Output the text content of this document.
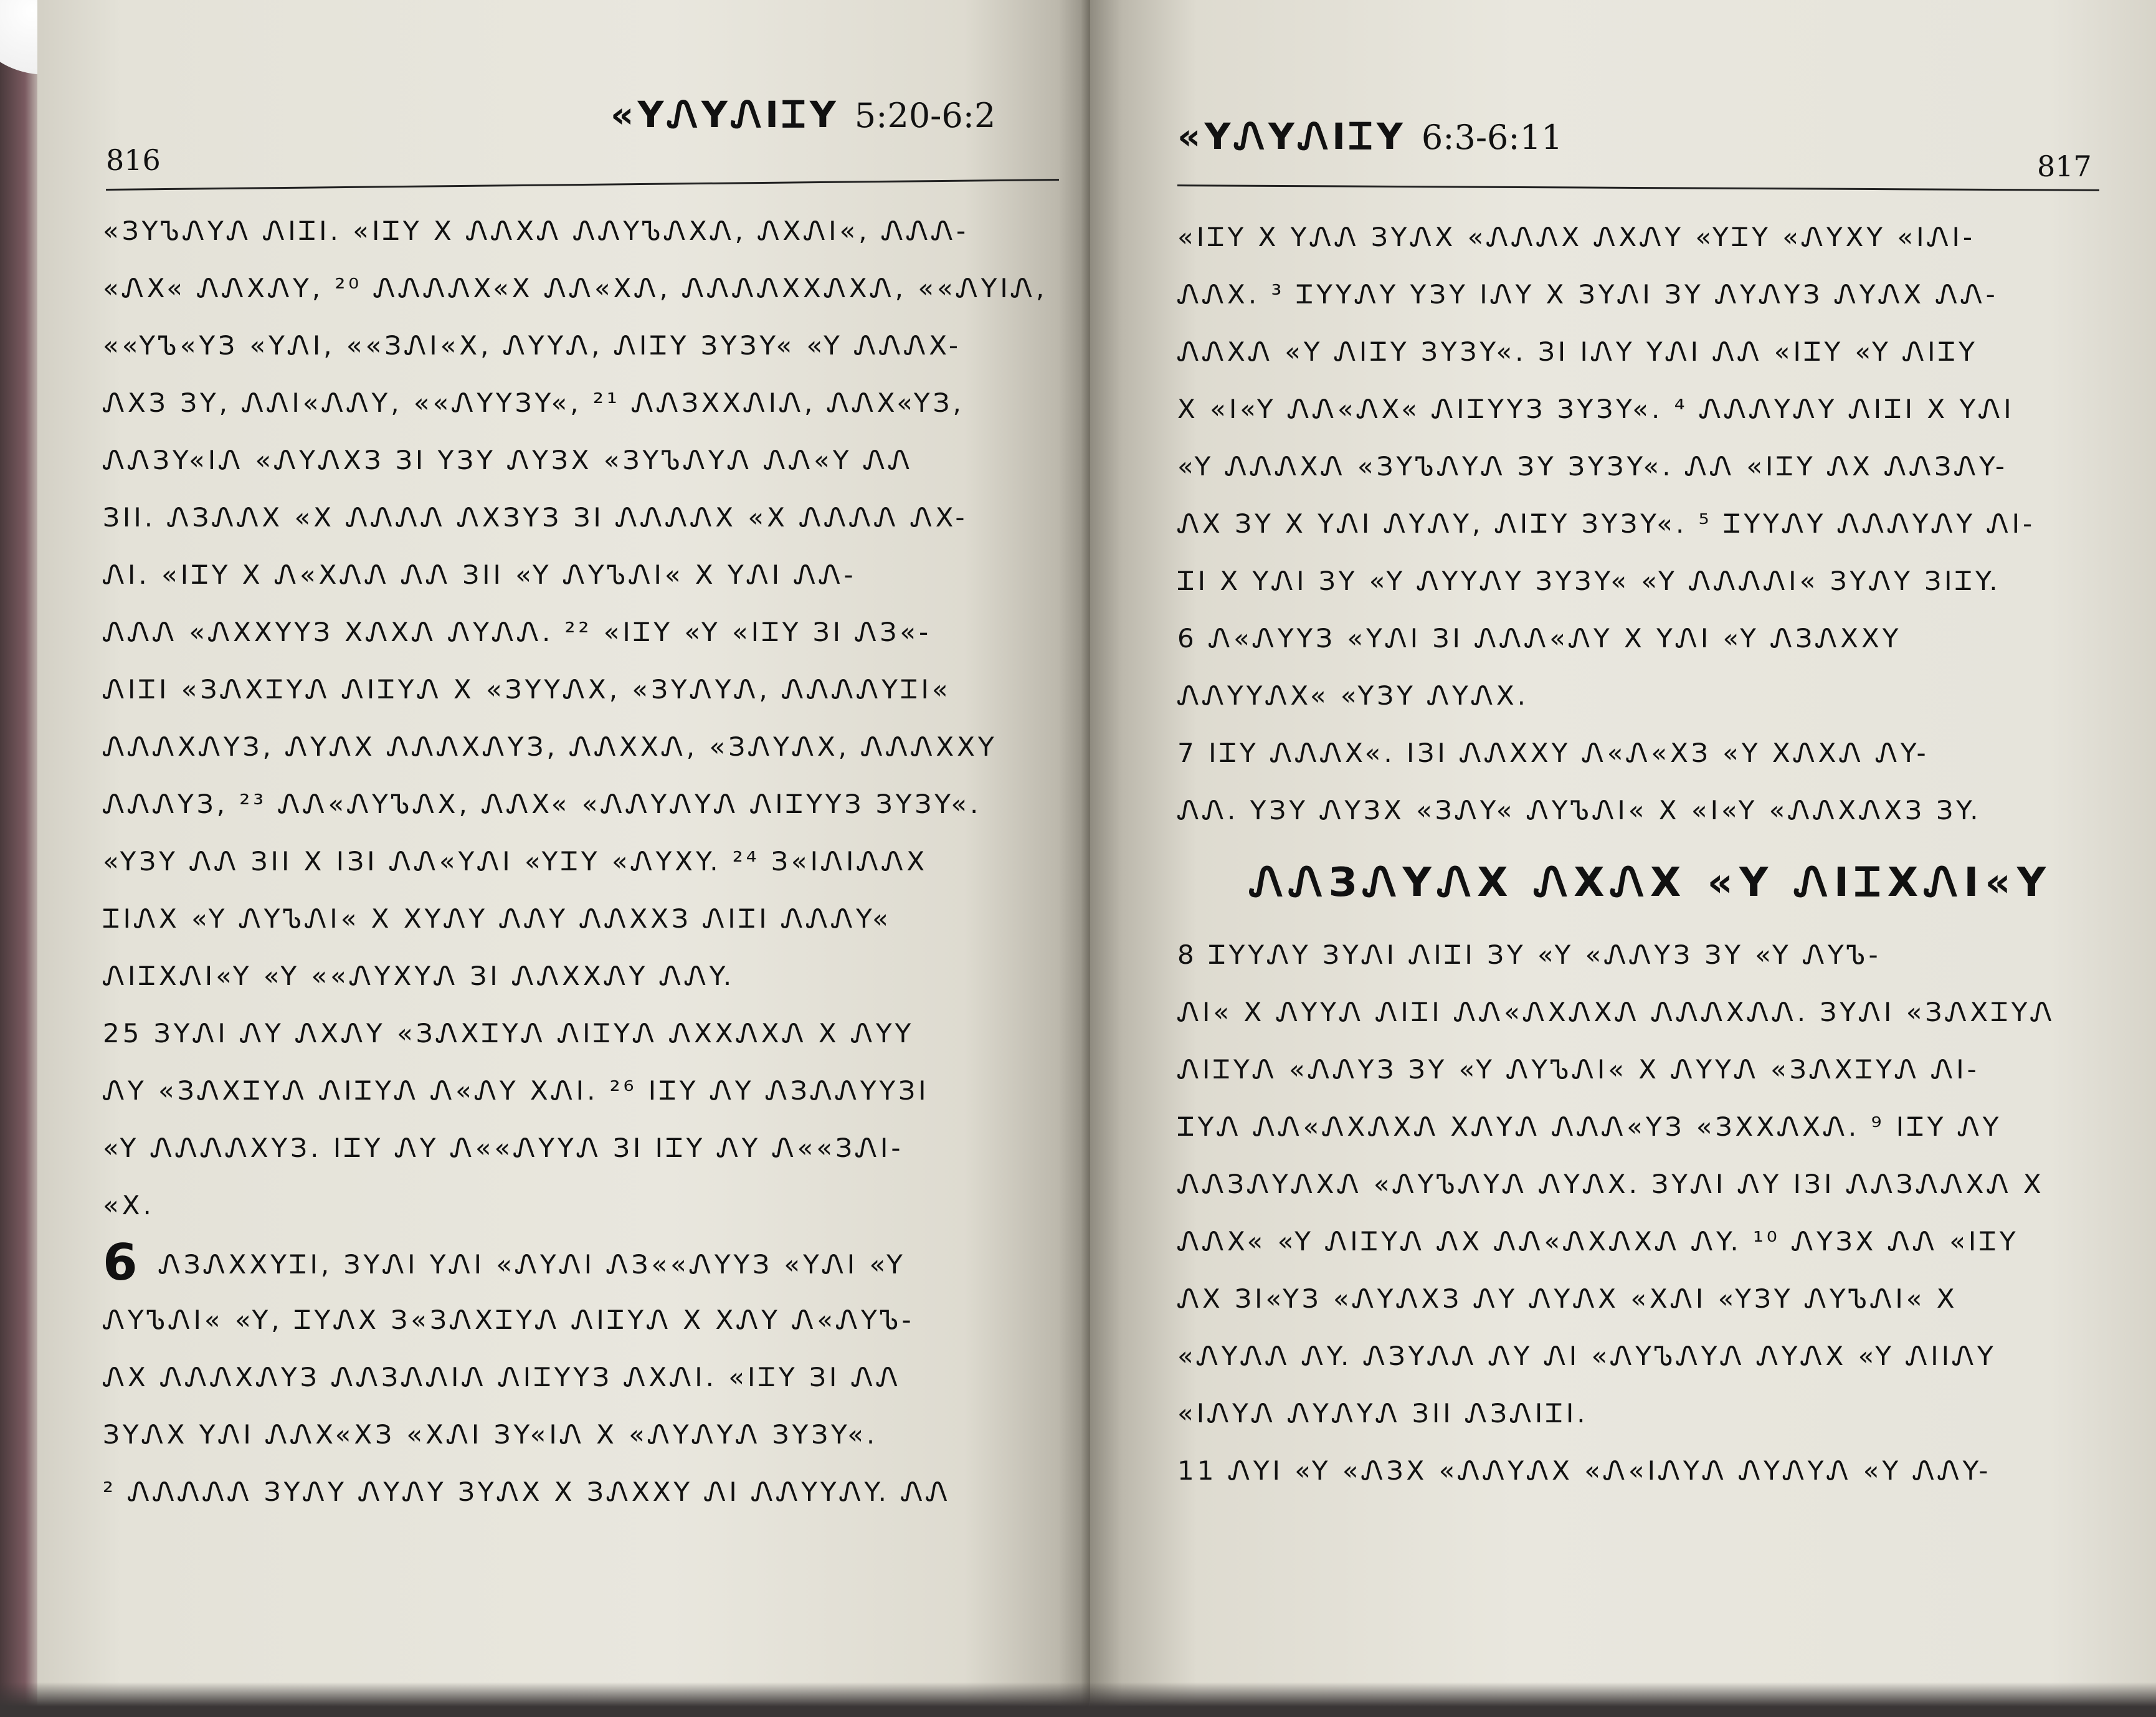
«YᏁYᏁIᏆY 5:20-6:2
816
«ЗYᏖᏁYᏁ ᏁIᏆI. «IᏆY X ᏁᏁXᏁ ᏁᏁYᏖᏁXᏁ, ᏁXᏁI«, ᏁᏁᏁ-
«ᏁX« ᏁᏁXᏁY, ²⁰ ᏁᏁᏁᏁX«X ᏁᏁ«XᏁ, ᏁᏁᏁᏁXXᏁXᏁ, ««ᏁYIᏁ,
««YᏖ«YЗ «YᏁI, ««ЗᏁI«X, ᏁYYᏁ, ᏁIᏆY ЗYЗY« «Y ᏁᏁᏁX-
ᏁXЗ ЗY, ᏁᏁI«ᏁᏁY, ««ᏁYYЗY«, ²¹ ᏁᏁЗXXᏁIᏁ, ᏁᏁX«YЗ,
ᏁᏁЗY«IᏁ «ᏁYᏁXЗ ЗI YЗY ᏁYЗX «ЗYᏖᏁYᏁ ᏁᏁ«Y ᏁᏁ
ЗII. ᏁЗᏁᏁX «X ᏁᏁᏁᏁ ᏁXЗYЗ ЗI ᏁᏁᏁᏁX «X ᏁᏁᏁᏁ ᏁX-
ᏁI. «IᏆY X Ꮑ«XᏁᏁ ᏁᏁ ЗII «Y ᏁYᏖᏁI« X YᏁI ᏁᏁ-
ᏁᏁᏁ «ᏁXXYYЗ XᏁXᏁ ᏁYᏁᏁ. ²² «IᏆY «Y «IᏆY ЗI ᏁЗ«-
ᏁIᏆI «ЗᏁXᏆYᏁ ᏁIᏆYᏁ X «ЗYYᏁX, «ЗYᏁYᏁ, ᏁᏁᏁᏁYᏆI«
ᏁᏁᏁXᏁYЗ, ᏁYᏁX ᏁᏁᏁXᏁYЗ, ᏁᏁXXᏁ, «ЗᏁYᏁX, ᏁᏁᏁXXY
ᏁᏁᏁYЗ, ²³ ᏁᏁ«ᏁYᏖᏁX, ᏁᏁX« «ᏁᏁYᏁYᏁ ᏁIᏆYYЗ ЗYЗY«.
«YЗY ᏁᏁ ЗII X IЗI ᏁᏁ«YᏁI «YᏆY «ᏁYXY. ²⁴ З«IᏁIᏁᏁX
ᏆIᏁX «Y ᏁYᏖᏁI« X XYᏁY ᏁᏁY ᏁᏁXXЗ ᏁIᏆI ᏁᏁᏁY«
ᏁIᏆXᏁI«Y «Y ««ᏁYXYᏁ ЗI ᏁᏁXXᏁY ᏁᏁY.
25 ЗYᏁI ᏁY ᏁXᏁY «ЗᏁXᏆYᏁ ᏁIᏆYᏁ ᏁXXᏁXᏁ X ᏁYY
ᏁY «ЗᏁXᏆYᏁ ᏁIᏆYᏁ Ꮑ«ᏁY XᏁI. ²⁶ IᏆY ᏁY ᏁЗᏁᏁYYЗI
«Y ᏁᏁᏁᏁXYЗ. IᏆY ᏁY Ꮑ««ᏁYYᏁ ЗI IᏆY ᏁY Ꮑ««ЗᏁI-
«X.
6 ᏁЗᏁXXYᏆI, ЗYᏁI YᏁI «ᏁYᏁI ᏁЗ««ᏁYYЗ «YᏁI «Y
ᏁYᏖᏁI« «Y, ᏆYᏁX З«ЗᏁXᏆYᏁ ᏁIᏆYᏁ X XᏁY Ꮑ«ᏁYᏖ-
ᏁX ᏁᏁᏁXᏁYЗ ᏁᏁЗᏁᏁIᏁ ᏁIᏆYYЗ ᏁXᏁI. «IᏆY ЗI ᏁᏁ
ЗYᏁX YᏁI ᏁᏁX«XЗ «XᏁI ЗY«IᏁ X «ᏁYᏁYᏁ ЗYЗY«.
² ᏁᏁᏁᏁᏁ ЗYᏁY ᏁYᏁY ЗYᏁX X ЗᏁXXY ᏁI ᏁᏁYYᏁY. ᏁᏁ
«YᏁYᏁIᏆY 6:3-6:11
817
«IᏆY X YᏁᏁ ЗYᏁX «ᏁᏁᏁX ᏁXᏁY «YᏆY «ᏁYXY «IᏁI-
ᏁᏁX. ³ ᏆYYᏁY YЗY IᏁY X ЗYᏁI ЗY ᏁYᏁYЗ ᏁYᏁX ᏁᏁ-
ᏁᏁXᏁ «Y ᏁIᏆY ЗYЗY«. ЗI IᏁY YᏁI ᏁᏁ «IᏆY «Y ᏁIᏆY
X «I«Y ᏁᏁ«ᏁX« ᏁIᏆYYЗ ЗYЗY«. ⁴ ᏁᏁᏁYᏁY ᏁIᏆI X YᏁI
«Y ᏁᏁᏁXᏁ «ЗYᏖᏁYᏁ ЗY ЗYЗY«. ᏁᏁ «IᏆY ᏁX ᏁᏁЗᏁY-
ᏁX ЗY X YᏁI ᏁYᏁY, ᏁIᏆY ЗYЗY«. ⁵ ᏆYYᏁY ᏁᏁᏁYᏁY ᏁI-
ᏆI X YᏁI ЗY «Y ᏁYYᏁY ЗYЗY« «Y ᏁᏁᏁᏁI« ЗYᏁY ЗIᏆY.
6 Ꮑ«ᏁYYЗ «YᏁI ЗI ᏁᏁᏁ«ᏁY X YᏁI «Y ᏁЗᏁXXY
ᏁᏁYYᏁX« «YЗY ᏁYᏁX.
7 IᏆY ᏁᏁᏁX«. IЗI ᏁᏁXXY Ꮑ«Ꮑ«XЗ «Y XᏁXᏁ ᏁY-
ᏁᏁ. YЗY ᏁYЗX «ЗᏁY« ᏁYᏖᏁI« X «I«Y «ᏁᏁXᏁXЗ ЗY.
ᏁᏁЗᏁYᏁX ᏁXᏁX «Y ᏁIᏆXᏁI«Y
8 ᏆYYᏁY ЗYᏁI ᏁIᏆI ЗY «Y «ᏁᏁYЗ ЗY «Y ᏁYᏖ-
ᏁI« X ᏁYYᏁ ᏁIᏆI ᏁᏁ«ᏁXᏁXᏁ ᏁᏁᏁXᏁᏁ. ЗYᏁI «ЗᏁXᏆYᏁ
ᏁIᏆYᏁ «ᏁᏁYЗ ЗY «Y ᏁYᏖᏁI« X ᏁYYᏁ «ЗᏁXᏆYᏁ ᏁI-
ᏆYᏁ ᏁᏁ«ᏁXᏁXᏁ XᏁYᏁ ᏁᏁᏁ«YЗ «ЗXXᏁXᏁ. ⁹ IᏆY ᏁY
ᏁᏁЗᏁYᏁXᏁ «ᏁYᏖᏁYᏁ ᏁYᏁX. ЗYᏁI ᏁY IЗI ᏁᏁЗᏁᏁXᏁ X
ᏁᏁX« «Y ᏁIᏆYᏁ ᏁX ᏁᏁ«ᏁXᏁXᏁ ᏁY. ¹⁰ ᏁYЗX ᏁᏁ «IᏆY
ᏁX ЗI«YЗ «ᏁYᏁXЗ ᏁY ᏁYᏁX «XᏁI «YЗY ᏁYᏖᏁI« X
«ᏁYᏁᏁ ᏁY. ᏁЗYᏁᏁ ᏁY ᏁI «ᏁYᏖᏁYᏁ ᏁYᏁX «Y ᏁIIᏁY
«IᏁYᏁ ᏁYᏁYᏁ ЗII ᏁЗᏁIᏆI.
11 ᏁYI «Y «ᏁЗX «ᏁᏁYᏁX «Ꮑ«IᏁYᏁ ᏁYᏁYᏁ «Y ᏁᏁY-
